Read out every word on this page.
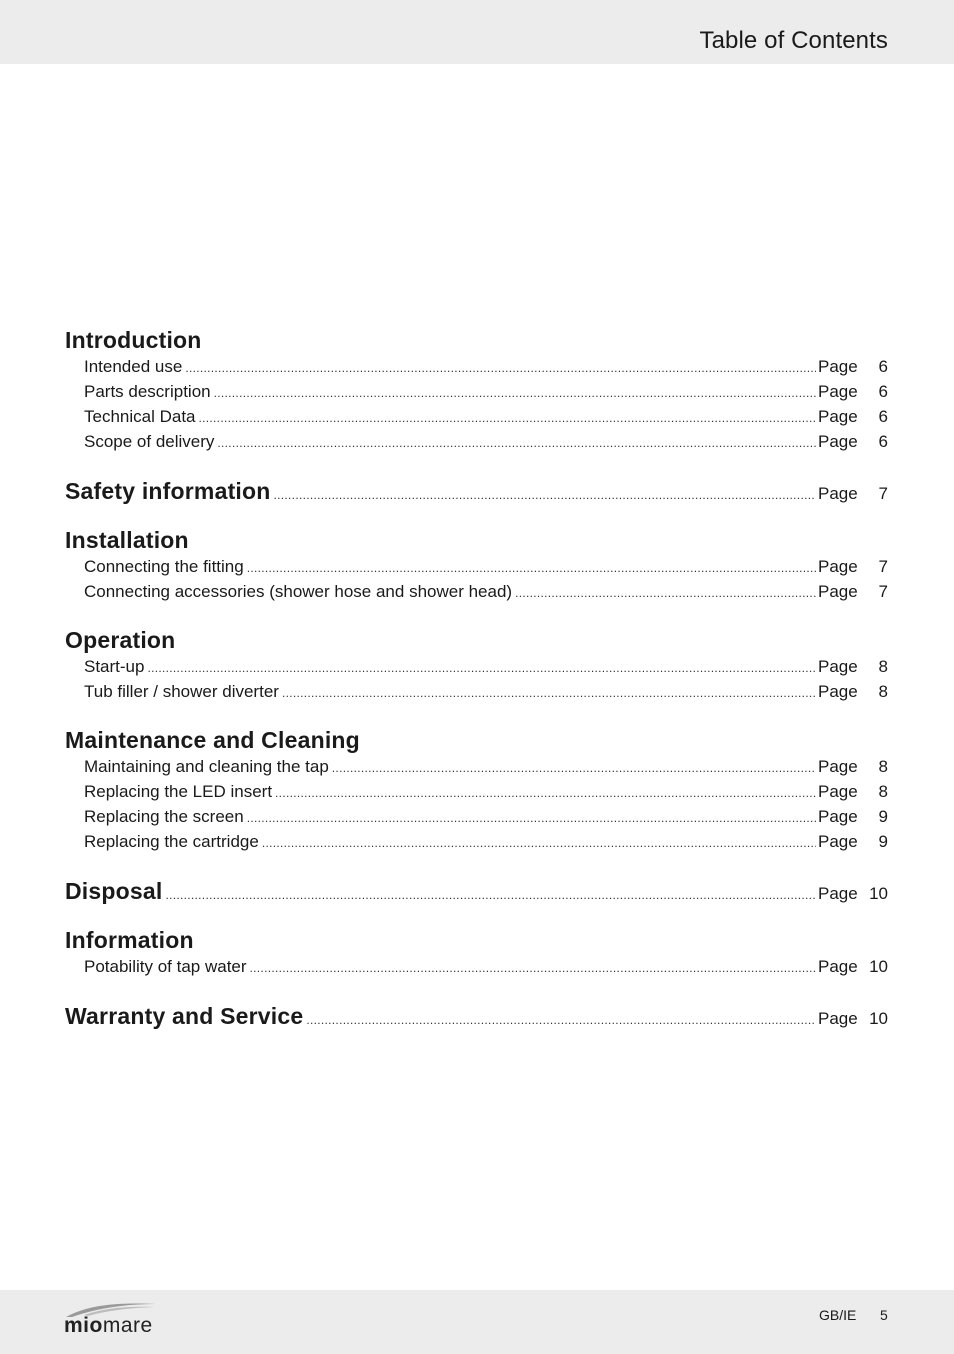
Table of Contents
Introduction
Intended use .....	Page	6
Parts description .....	Page	6
Technical Data .....	Page	6
Scope of delivery .....	Page	6
Safety information .....	Page	7
Installation
Connecting the fitting .....	Page	7
Connecting accessories (shower hose and shower head) .....	Page	7
Operation
Start-up .....	Page	8
Tub filler / shower diverter .....	Page	8
Maintenance and Cleaning
Maintaining and cleaning the tap .....	Page	8
Replacing the LED insert .....	Page	8
Replacing the screen .....	Page	9
Replacing the cartridge .....	Page	9
Disposal .....	Page 10
Information
Potability of tap water .....	Page 10
Warranty and Service .....	Page 10
miomare	GB/IE 5
